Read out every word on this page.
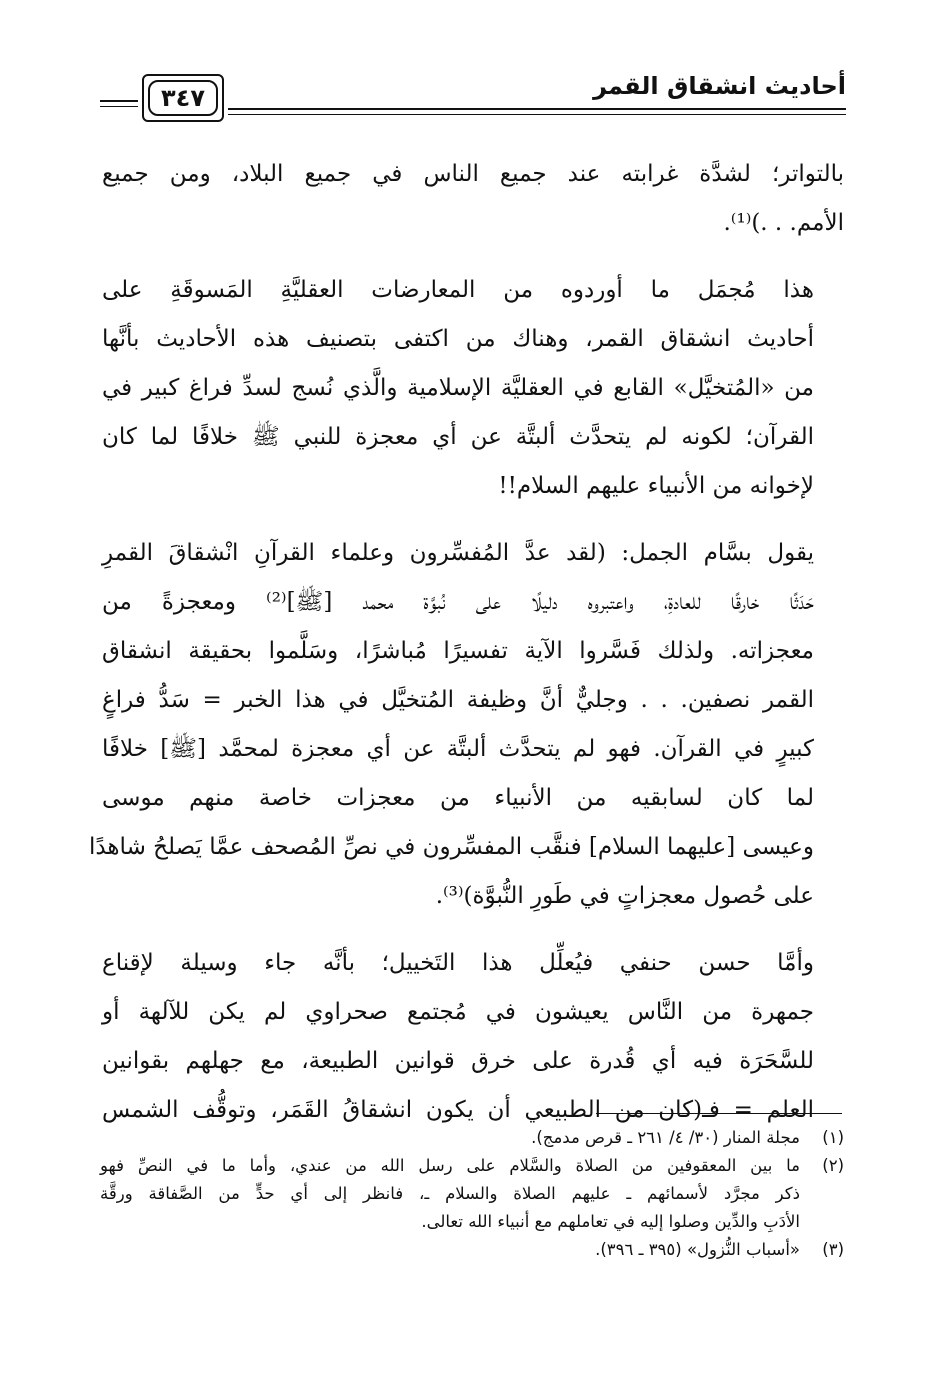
أحاديث انشقاق القمر
٣٤٧

بالتواتر؛ لشدَّة غرابته عند جميع الناس في جميع البلاد، ومن جميع
الأمم. . .)⁽¹⁾.

هذا مُجمَل ما أوردوه من المعارضات العقليَّةِ المَسوقَةِ على
أحاديث انشقاق القمر، وهناك من اكتفى بتصنيف هذه الأحاديث بأنَّها
من «المُتخيَّل» القابع في العقليَّة الإسلامية والَّذي نُسج لسدِّ فراغ كبير في
القرآن؛ لكونه لم يتحدَّث ألبتَّة عن أي معجزة للنبي ﷺ خلافًا لما كان
لإخوانه من الأنبياء عليهم السلام!!

يقول بسَّام الجمل: (لقد عدَّ المُفسِّرون وعلماء القرآنِ انْشقاقَ القمرِ
حَدَثًا خارقًا للعادةِ، واعتبروه دليلًا على نُبوَّة محمد [ﷺ]⁽²⁾ ومعجزةً من
معجزاته. ولذلك فَسَّروا الآية تفسيرًا مُباشرًا، وسَلَّموا بحقيقة انشقاق
القمر نصفين. . . وجليٌّ أنَّ وظيفة المُتخيَّل في هذا الخبر = سَدُّ فراغٍ
كبيرٍ في القرآن. فهو لم يتحدَّث ألبتَّة عن أي معجزة لمحمَّد [ﷺ] خلافًا
لما كان لسابقيه من الأنبياء من معجزات خاصة منهم موسى
وعيسى [عليهما السلام] فنقَّب المفسِّرون في نصِّ المُصحف عمَّا يَصلحُ شاهدًا
على حُصول معجزاتٍ في طَورِ النُّبوَّة)⁽³⁾.

وأمَّا حسن حنفي فيُعلِّل هذا التَخييل؛ بأنَّه جاء وسيلة لإقناع
جمهرة من النَّاس يعيشون في مُجتمع صحراوي لم يكن للآلهة أو
للسَّحَرَة فيه أي قُدرة على خرق قوانين الطبيعة، مع جهلهم بقوانين
العلم = فـ(كان من الطبيعي أن يكون انشقاقُ القَمَر، وتوقُّف الشمس

(١)
مجلة المنار (٣٠/ ٤/ ٢٦١ ـ قرص مدمج).
(٢)
ما بين المعقوفين من الصلاة والسَّلام على رسل الله من عندي، وأما ما في النصِّ فهو
ذكر مجرَّد لأسمائهم ـ عليهم الصلاة والسلام ـ، فانظر إلى أي حدٍّ من الصَّفاقة ورقَّة
الأدَبِ والدِّين وصلوا إليه في تعاملهم مع أنبياء الله تعالى.
(٣)
«أسباب النُّزول» (٣٩٥ ـ ٣٩٦).
